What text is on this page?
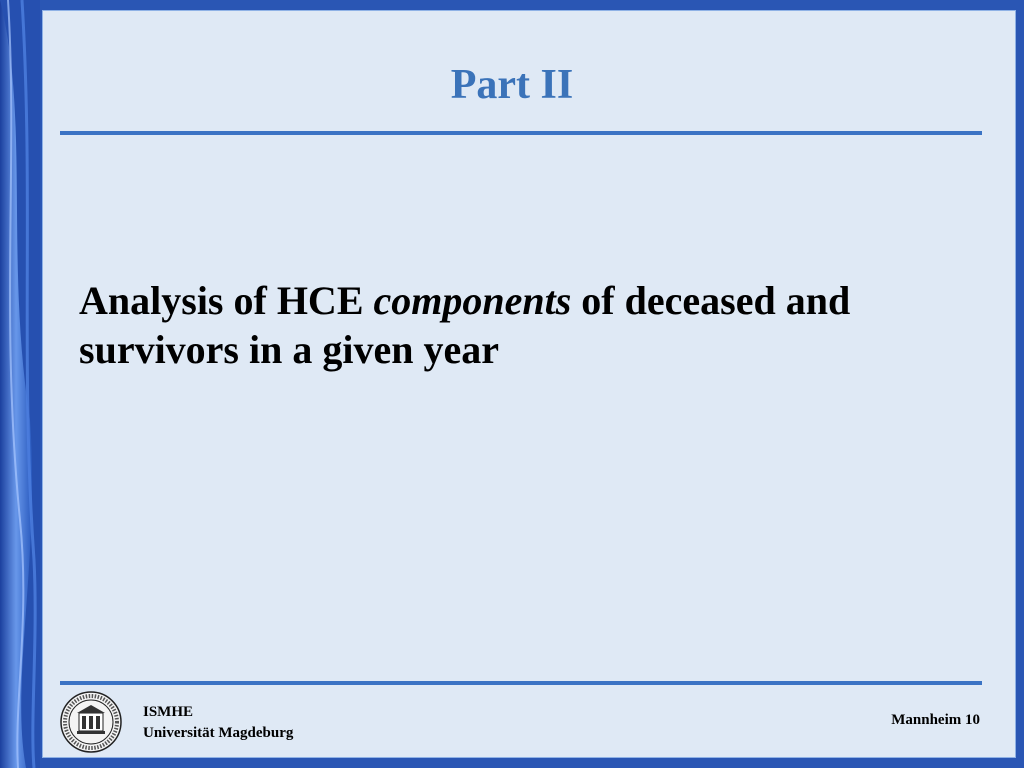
Part II
Analysis of HCE components of deceased and survivors in a given year
ISMHE
Universität Magdeburg
Mannheim 10
